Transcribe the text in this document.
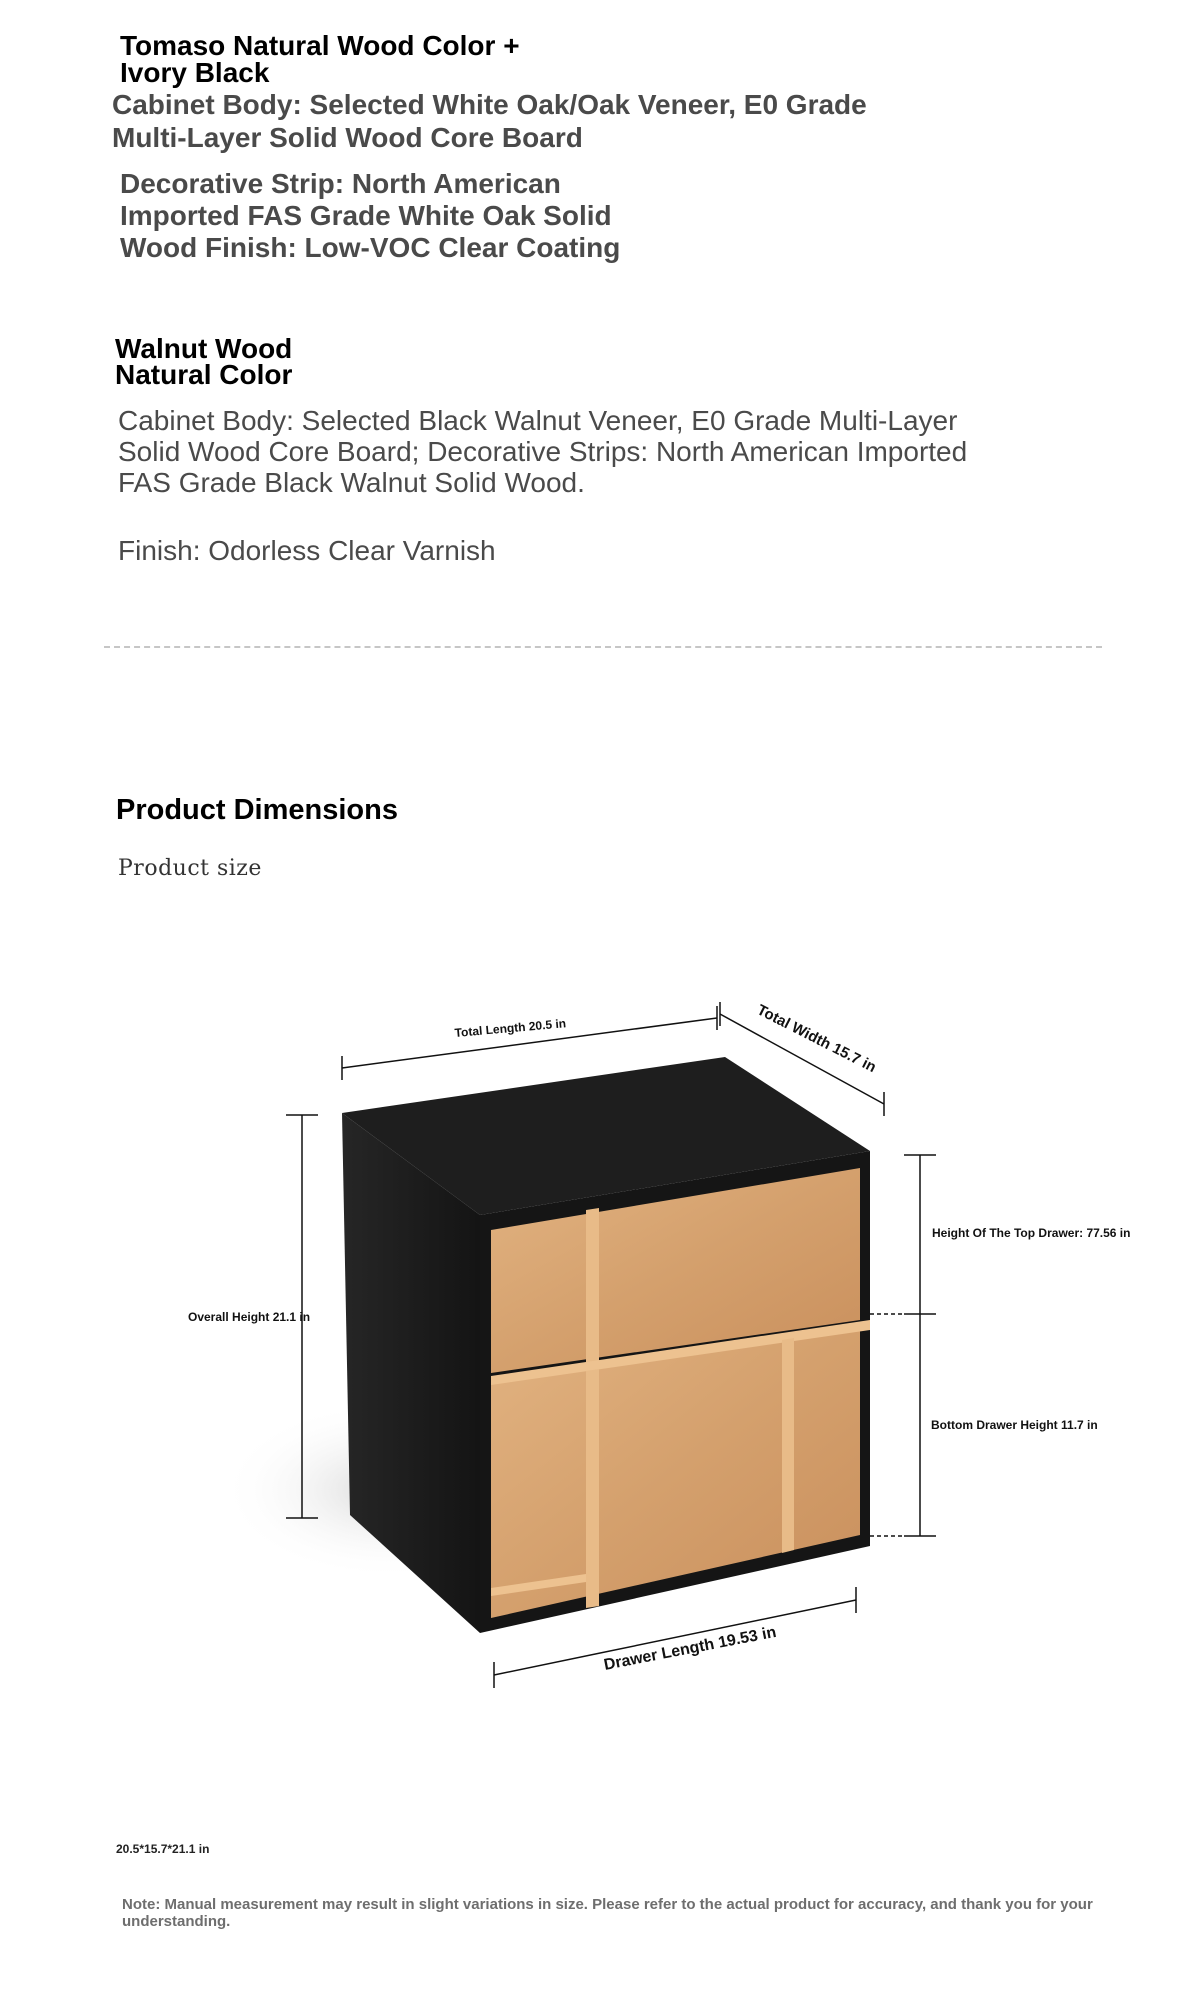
Tomaso Natural Wood Color + Ivory Black
Cabinet Body: Selected White Oak/Oak Veneer, E0 Grade Multi-Layer Solid Wood Core Board
Decorative Strip: North American Imported FAS Grade White Oak Solid Wood Finish: Low-VOC Clear Coating
Walnut Wood Natural Color
Cabinet Body: Selected Black Walnut Veneer, E0 Grade Multi-Layer Solid Wood Core Board; Decorative Strips: North American Imported FAS Grade Black Walnut Solid Wood.
Finish: Odorless Clear Varnish
Product Dimensions
Product size
Total Length 20.5 in	Total Width 15.7 in
Overall Height 21.1 in
Height Of The Top Drawer: 77.56 in
Bottom Drawer Height 11.7 in
Drawer Length 19.53 in
20.5*15.7*21.1 in
Note: Manual measurement may result in slight variations in size. Please refer to the actual product for accuracy, and thank you for your understanding.
